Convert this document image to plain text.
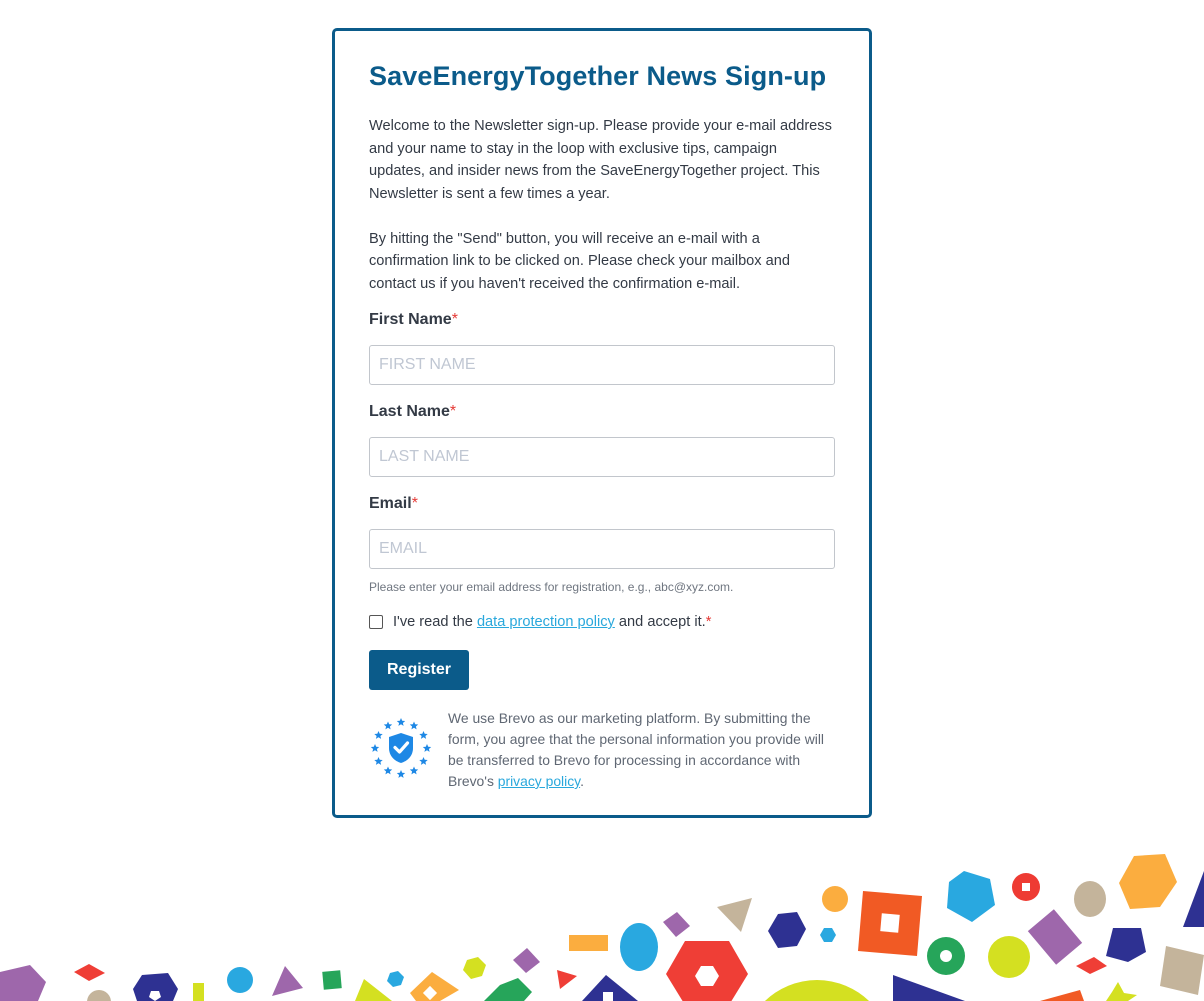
SaveEnergyTogether News Sign-up

Welcome to the Newsletter sign-up. Please provide your e-mail address and your name to stay in the loop with exclusive tips, campaign updates, and insider news from the SaveEnergyTogether project. This Newsletter is sent a few times a year.

By hitting the "Send" button, you will receive an e-mail with a confirmation link to be clicked on. Please check your mailbox and contact us if you haven't received the confirmation e-mail.

First Name*
FIRST NAME
Last Name*
LAST NAME
Email*
EMAIL
Please enter your email address for registration, e.g., abc@xyz.com.
I've read the
data protection policy
and accept it. *
Register
We use Brevo as our marketing platform. By submitting the form, you agree that the personal information you provide will be transferred to Brevo for processing in accordance with Brevo's privacy policy.
